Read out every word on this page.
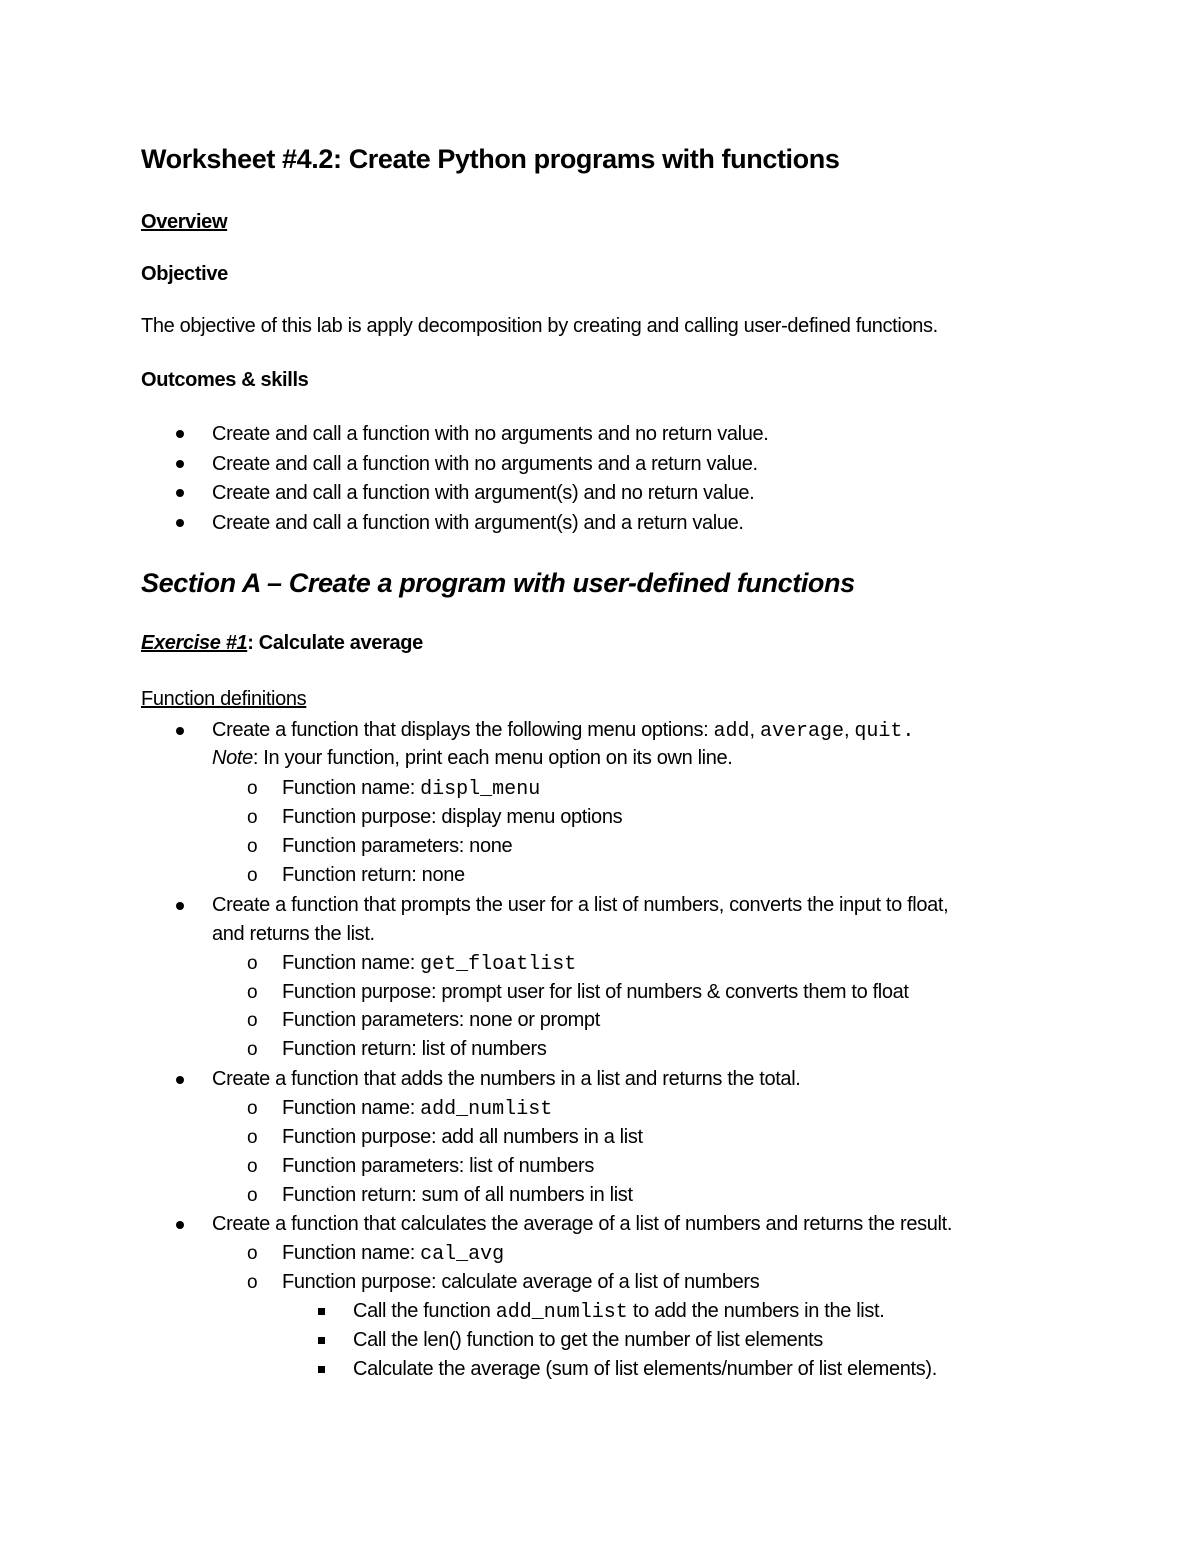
Worksheet #4.2: Create Python programs with functions
Overview
Objective
The objective of this lab is apply decomposition by creating and calling user-defined functions.
Outcomes & skills
Create and call a function with no arguments and no return value.
Create and call a function with no arguments and a return value.
Create and call a function with argument(s) and no return value.
Create and call a function with argument(s) and a return value.
Section A – Create a program with user-defined functions
Exercise #1: Calculate average
Function definitions
Create a function that displays the following menu options: add, average, quit.
Note: In your function, print each menu option on its own line.
o Function name: displ_menu
o Function purpose: display menu options
o Function parameters: none
o Function return: none
Create a function that prompts the user for a list of numbers, converts the input to float,
and returns the list.
o Function name: get_floatlist
o Function purpose: prompt user for list of numbers & converts them to float
o Function parameters: none or prompt
o Function return: list of numbers
Create a function that adds the numbers in a list and returns the total.
o Function name: add_numlist
o Function purpose: add all numbers in a list
o Function parameters: list of numbers
o Function return: sum of all numbers in list
Create a function that calculates the average of a list of numbers and returns the result.
o Function name: cal_avg
o Function purpose: calculate average of a list of numbers
Call the function add_numlist to add the numbers in the list.
Call the len() function to get the number of list elements
Calculate the average (sum of list elements/number of list elements).
